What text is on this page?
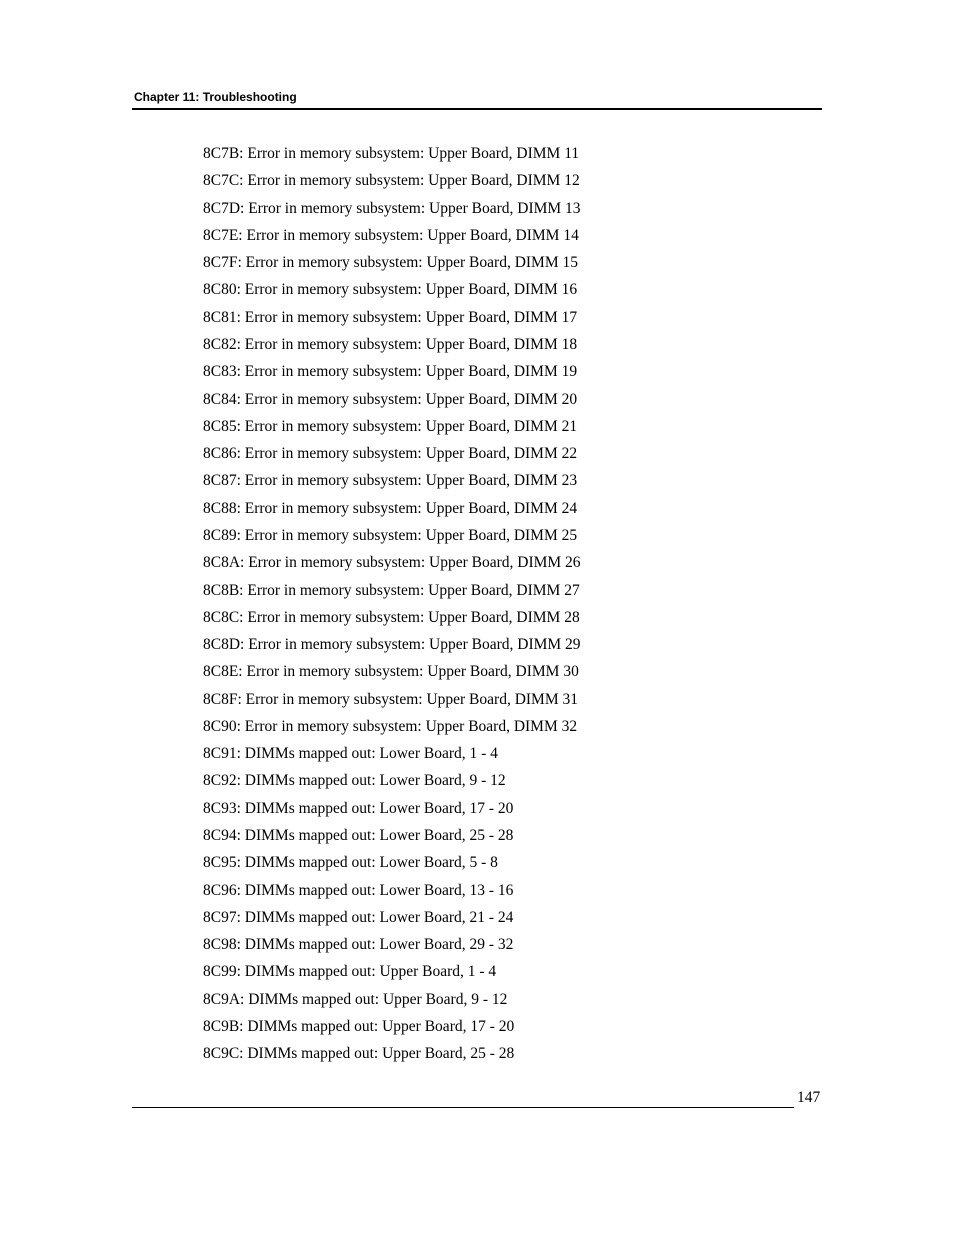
Chapter 11: Troubleshooting
8C7B: Error in memory subsystem: Upper Board, DIMM 11
8C7C: Error in memory subsystem: Upper Board, DIMM 12
8C7D: Error in memory subsystem: Upper Board, DIMM 13
8C7E: Error in memory subsystem: Upper Board, DIMM 14
8C7F: Error in memory subsystem: Upper Board, DIMM 15
8C80: Error in memory subsystem: Upper Board, DIMM 16
8C81: Error in memory subsystem: Upper Board, DIMM 17
8C82: Error in memory subsystem: Upper Board, DIMM 18
8C83: Error in memory subsystem: Upper Board, DIMM 19
8C84: Error in memory subsystem: Upper Board, DIMM 20
8C85: Error in memory subsystem: Upper Board, DIMM 21
8C86: Error in memory subsystem: Upper Board, DIMM 22
8C87: Error in memory subsystem: Upper Board, DIMM 23
8C88: Error in memory subsystem: Upper Board, DIMM 24
8C89: Error in memory subsystem: Upper Board, DIMM 25
8C8A: Error in memory subsystem: Upper Board, DIMM 26
8C8B: Error in memory subsystem: Upper Board, DIMM 27
8C8C: Error in memory subsystem: Upper Board, DIMM 28
8C8D: Error in memory subsystem: Upper Board, DIMM 29
8C8E: Error in memory subsystem: Upper Board, DIMM 30
8C8F: Error in memory subsystem: Upper Board, DIMM 31
8C90: Error in memory subsystem: Upper Board, DIMM 32
8C91: DIMMs mapped out: Lower Board, 1 - 4
8C92: DIMMs mapped out: Lower Board, 9 - 12
8C93: DIMMs mapped out: Lower Board, 17 - 20
8C94: DIMMs mapped out: Lower Board, 25 - 28
8C95: DIMMs mapped out: Lower Board, 5 - 8
8C96: DIMMs mapped out: Lower Board, 13 - 16
8C97: DIMMs mapped out: Lower Board, 21 - 24
8C98: DIMMs mapped out: Lower Board, 29 - 32
8C99: DIMMs mapped out: Upper Board, 1 - 4
8C9A: DIMMs mapped out: Upper Board, 9 - 12
8C9B: DIMMs mapped out: Upper Board, 17 - 20
8C9C: DIMMs mapped out: Upper Board, 25 - 28
147
